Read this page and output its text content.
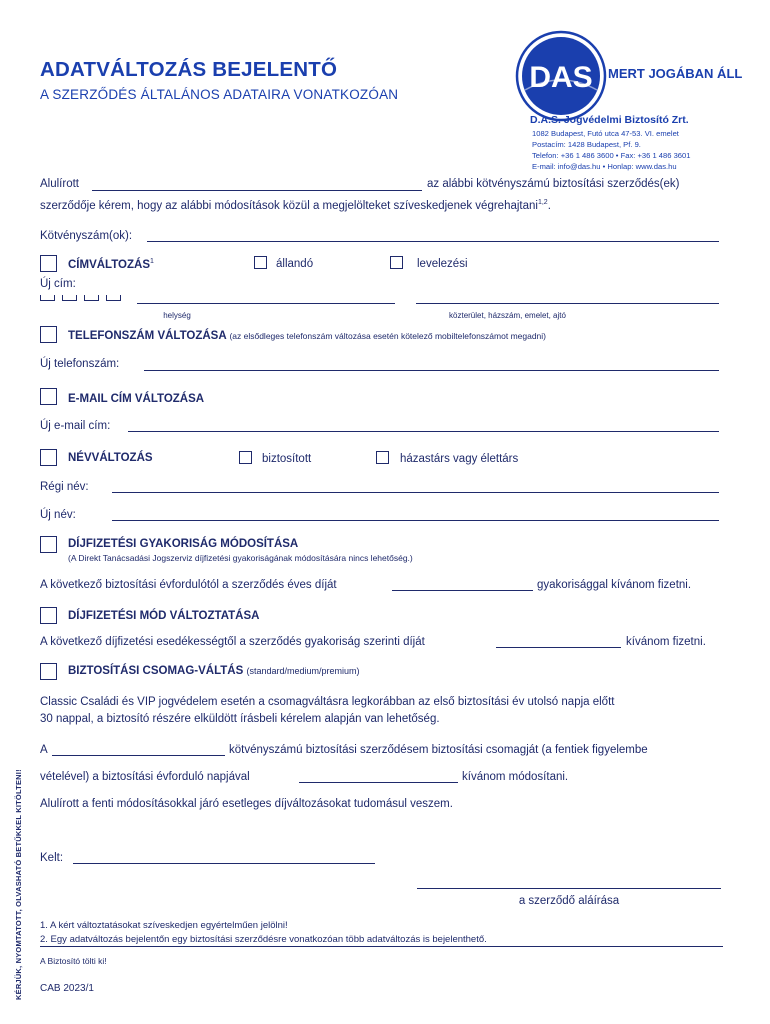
ADATVÁLTOZÁS BEJELENTŐ
A SZERZŐDÉS ÁLTALÁNOS ADATAIRA VONATKOZÓAN
DAS MERT JOGÁBAN ÁLL
D.A.S. Jogvédelmi Biztosító Zrt.
1082 Budapest, Futó utca 47-53. VI. emelet
Postacím: 1428 Budapest, Pf. 9.
Telefon: +36 1 486 3600 • Fax: +36 1 486 3601
E-mail: info@das.hu • Honlap: www.das.hu
Alulírott	az alábbi kötvényszámú biztosítási szerződés(ek)
szerződője kérem, hogy az alábbi módosítások közül a megjelölteket szíveskedjenek végrehajtani$^{1,2}$.
Kötvényszám(ok):
CÍMVÁLTOZÁS$^1$	állandó	levelezési
Új cím:
helység	közterület, házszám, emelet, ajtó
TELEFONSZÁM VÁLTOZÁSA (az elsődleges telefonszám változása esetén kötelező mobiltelefonszámot megadni)
Új telefonszám:
E-MAIL CÍM VÁLTOZÁSA
Új e-mail cím:
NÉVVÁLTOZÁS	biztosított	házastárs vagy élettárs
Régi név:
Új név:
DÍJFIZETÉSI GYAKORISÁG MÓDOSÍTÁSA
(A Direkt Tanácsadási Jogszerviz díjfizetési gyakoriságának módosítására nincs lehetőség.)
A következő biztosítási évfordulótól a szerződés éves díját	gyakorisággal kívánom fizetni.
DÍJFIZETÉSI MÓD VÁLTOZTATÁSA
A következő díjfizetési esedékességtől a szerződés gyakoriság szerinti díját	kívánom fizetni.
BIZTOSÍTÁSI CSOMAG-VÁLTÁS (standard/medium/premium)
Classic Családi és VIP jogvédelem esetén a csomagváltásra legkorábban az első biztosítási év utolsó napja előtt
30 nappal, a biztosító részére elküldött írásbeli kérelem alapján van lehetőség.
A	kötvényszámú biztosítási szerződésem biztosítási csomagját (a fentiek figyelembe
vételével) a biztosítási évforduló napjával	kívánom módosítani.
Alulírott a fenti módosításokkal járó esetleges díjváltozásokat tudomásul veszem.
Kelt:
a szerződő aláírása
1. A kért változtatásokat szíveskedjen egyértelműen jelölni!
2. Egy adatváltozás bejelentőn egy biztosítási szerződésre vonatkozóan több adatváltozás is bejelenthető.
A Biztosító tölti ki!
CAB 2023/1
KÉRJÜK, NYOMTATOTT, OLVASHATÓ BETŰKKEL KITÖLTENI!
